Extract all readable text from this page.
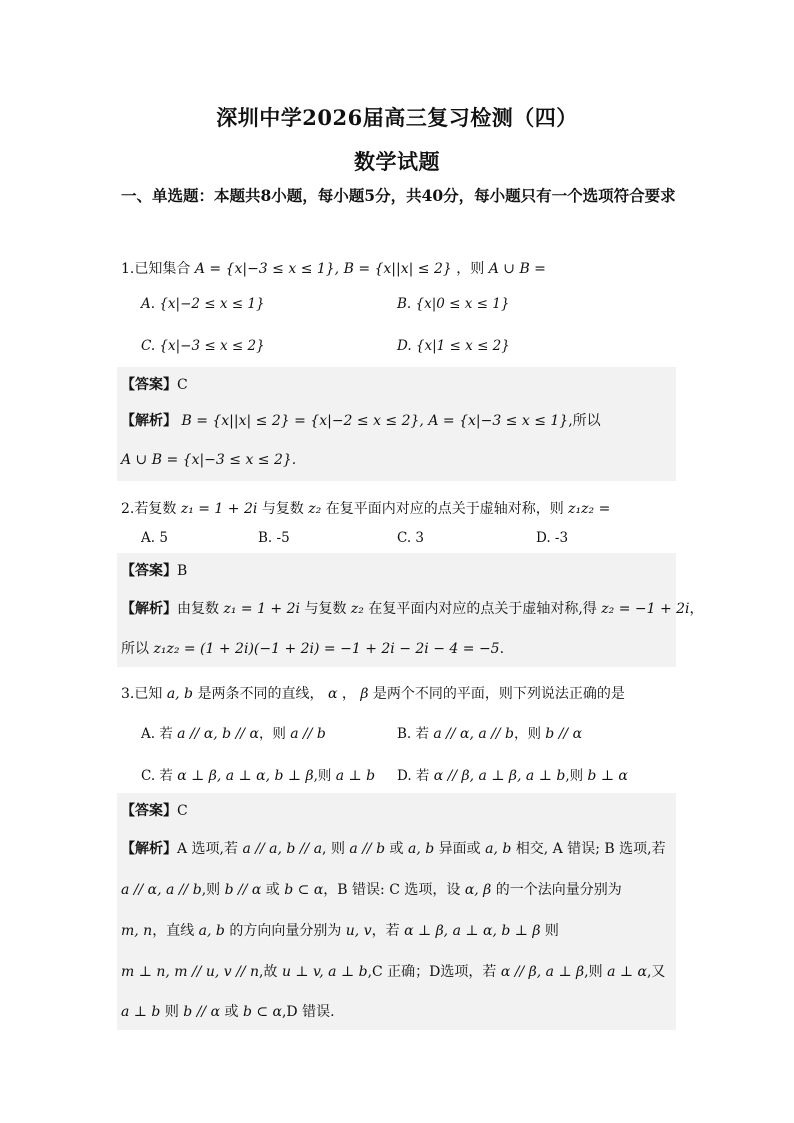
深圳中学2026届高三复习检测（四）
数学试题
一、单选题：本题共8小题，每小题5分，共40分，每小题只有一个选项符合要求
1.已知集合 A = {x|−3 ≤ x ≤ 1}, B = {x||x| ≤ 2} ，则 A ∪ B =
A. {x|−2 ≤ x ≤ 1}	B. {x|0 ≤ x ≤ 1}
C. {x|−3 ≤ x ≤ 2}	D. {x|1 ≤ x ≤ 2}
【答案】C
【解析】 B = {x||x| ≤ 2} = {x|−2 ≤ x ≤ 2}, A = {x|−3 ≤ x ≤ 1},所以
A ∪ B = {x|−3 ≤ x ≤ 2}.
2.若复数 z₁ = 1 + 2i 与复数 z₂ 在复平面内对应的点关于虚轴对称，则 z₁z₂ =
A. 5	B. -5	C. 3	D. -3
【答案】B
【解析】由复数 z₁ = 1 + 2i 与复数 z₂ 在复平面内对应的点关于虚轴对称,得 z₂ = −1 + 2i，
所以 z₁z₂ = (1 + 2i)(−1 + 2i) = −1 + 2i − 2i − 4 = −5.
3.已知 a, b 是两条不同的直线， α ， β 是两个不同的平面，则下列说法正确的是
A. 若 a // α, b // α，则 a // b	B. 若 a // α, a // b，则 b // α
C. 若 α ⊥ β, a ⊥ α, b ⊥ β,则 a ⊥ b D. 若 α // β, a ⊥ β, a ⊥ b,则 b ⊥ α
【答案】C
【解析】A 选项,若 a // a, b // a, 则 a // b 或 a, b 异面或 a, b 相交, A 错误; B 选项,若
a // α, a // b,则 b // α 或 b ⊂ α，B 错误: C 选项，设 α, β 的一个法向量分别为
m, n，直线 a, b 的方向向量分别为 u, v，若 α ⊥ β, a ⊥ α, b ⊥ β 则
m ⊥ n, m // u, v // n,故 u ⊥ v, a ⊥ b,C 正确；D选项，若 α // β, a ⊥ β,则 a ⊥ α,又
a ⊥ b 则 b // α 或 b ⊂ α,D 错误.
